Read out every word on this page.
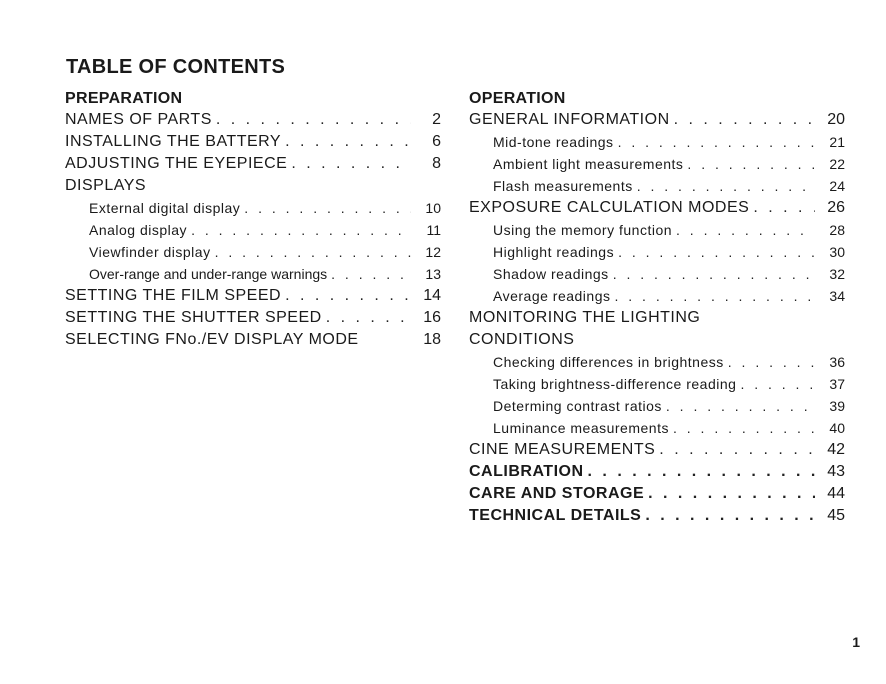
TABLE OF CONTENTS
PREPARATION
NAMES OF PARTS . . .	2
INSTALLING THE BATTERY . . .	6
ADJUSTING THE EYEPIECE . . .	8
DISPLAYS
External digital display . . .	10
Analog display . . .	11
Viewfinder display . . .	12
Over-range and under-range warnings . . .	13
SETTING THE FILM SPEED . . .	14
SETTING THE SHUTTER SPEED . . .	16
SELECTING FNo./EV DISPLAY MODE	18
OPERATION
GENERAL INFORMATION . . .	20
Mid-tone readings . . .	21
Ambient light measurements . . .	22
Flash measurements . . .	24
EXPOSURE CALCULATION MODES . . .	26
Using the memory function . . .	28
Highlight readings . . .	30
Shadow readings . . .	32
Average readings . . .	34
MONITORING THE LIGHTING
CONDITIONS
Checking differences in brightness . . .	36
Taking brightness-difference reading . . .	37
Determing contrast ratios . . .	39
Luminance measurements . . .	40
CINE MEASUREMENTS . . .	42
CALIBRATION . . .	43
CARE AND STORAGE . . .	44
TECHNICAL DETAILS . . .	45
1
